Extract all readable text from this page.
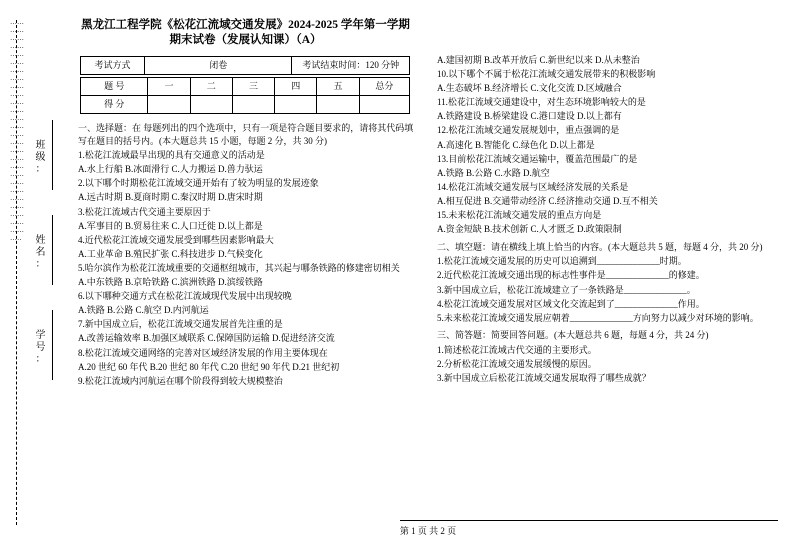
·······································································································································································
班
级
：
姓
名
：
学
号
：
黑龙江工程学院《松花江流域交通发展》2024-2025 学年第一学期期末试卷（发展认知课）（A）
考试方式	闭卷	考试结束时间：120 分钟
题 号	一	二	三	四	五	总分
得 分						

一、选择题：在 每题列出的四个选项中，只有一项是符合题目要求的，请将其代码填写在题目的括号内。(本大题总共 15 小题，每题 2 分，共 30 分)

1.松花江流域最早出现的具有交通意义的活动是

A.水上行船 B.冰面滑行 C.人力搬运 D.兽力驮运

2.以下哪个时期松花江流域交通开始有了较为明显的发展迹象

A.远古时期 B.夏商时期 C.秦汉时期 D.唐宋时期

3.松花江流域古代交通主要原因于

A.军事目的 B.贸易往来 C.人口迁徙 D.以上都是

4.近代松花江流域交通发展受到哪些因素影响最大

A.工业革命 B.殖民扩张 C.科技进步 D.气候变化

5.哈尔滨作为松花江流域重要的交通枢纽城市，其兴起与哪条铁路的修建密切相关

A.中东铁路 B.京哈铁路 C.滨洲铁路 D.滨绥铁路

6.以下哪种交通方式在松花江流域现代发展中出现较晚

A.铁路 B.公路 C.航空 D.内河航运

7.新中国成立后，松花江流域交通发展首先注重的是

A.改善运输效率 B.加强区域联系 C.保障国防运输 D.促进经济交流

8.松花江流域交通网络的完善对区域经济发展的作用主要体现在

A.20 世纪 60 年代 B.20 世纪 80 年代 C.20 世纪 90 年代 D.21 世纪初

9.松花江流域内河航运在哪个阶段得到较大规模整治

A.建国初期 B.改革开放后 C.新世纪以来 D.从未整治

10.以下哪个不属于松花江流域交通发展带来的积极影响

A.生态破坏 B.经济增长 C.文化交流 D.区域融合

11.松花江流域交通建设中，对生态环境影响较大的是

A.铁路建设 B.桥梁建设 C.港口建设 D.以上都有

12.松花江流域交通发展规划中，重点强调的是

A.高速化 B.智能化 C.绿色化 D.以上都是

13.目前松花江流域交通运输中，覆盖范围最广的是

A.铁路 B.公路 C.水路 D.航空

14.松花江流域交通发展与区域经济发展的关系是

A.相互促进 B.交通带动经济 C.经济推动交通 D.互不相关

15.未来松花江流域交通发展的重点方向是

A.资金短缺 B.技术创新 C.人才匮乏 D.政策限制

二、填空题：请在横线上填上恰当的内容。(本大题总共 5 题，每题 4 分，共 20 分)

1.松花江流域交通发展的历史可以追溯到______________时期。

2.近代松花江流域交通出现的标志性事件是______________的修建。

3.新中国成立后，松花江流域建立了一条铁路是______________。

4.松花江流域交通发展对区域文化交流起到了______________作用。

5.未来松花江流域交通发展应朝着______________方向努力以减少对环境的影响。

三、简答题：简要回答问题。(本大题总共 6 题，每题 4 分，共 24 分)

1.简述松花江流域古代交通的主要形式。

2.分析松花江流域交通发展缓慢的原因。

3.新中国成立后松花江流域交通发展取得了哪些成就？

第 1 页 共 2 页
